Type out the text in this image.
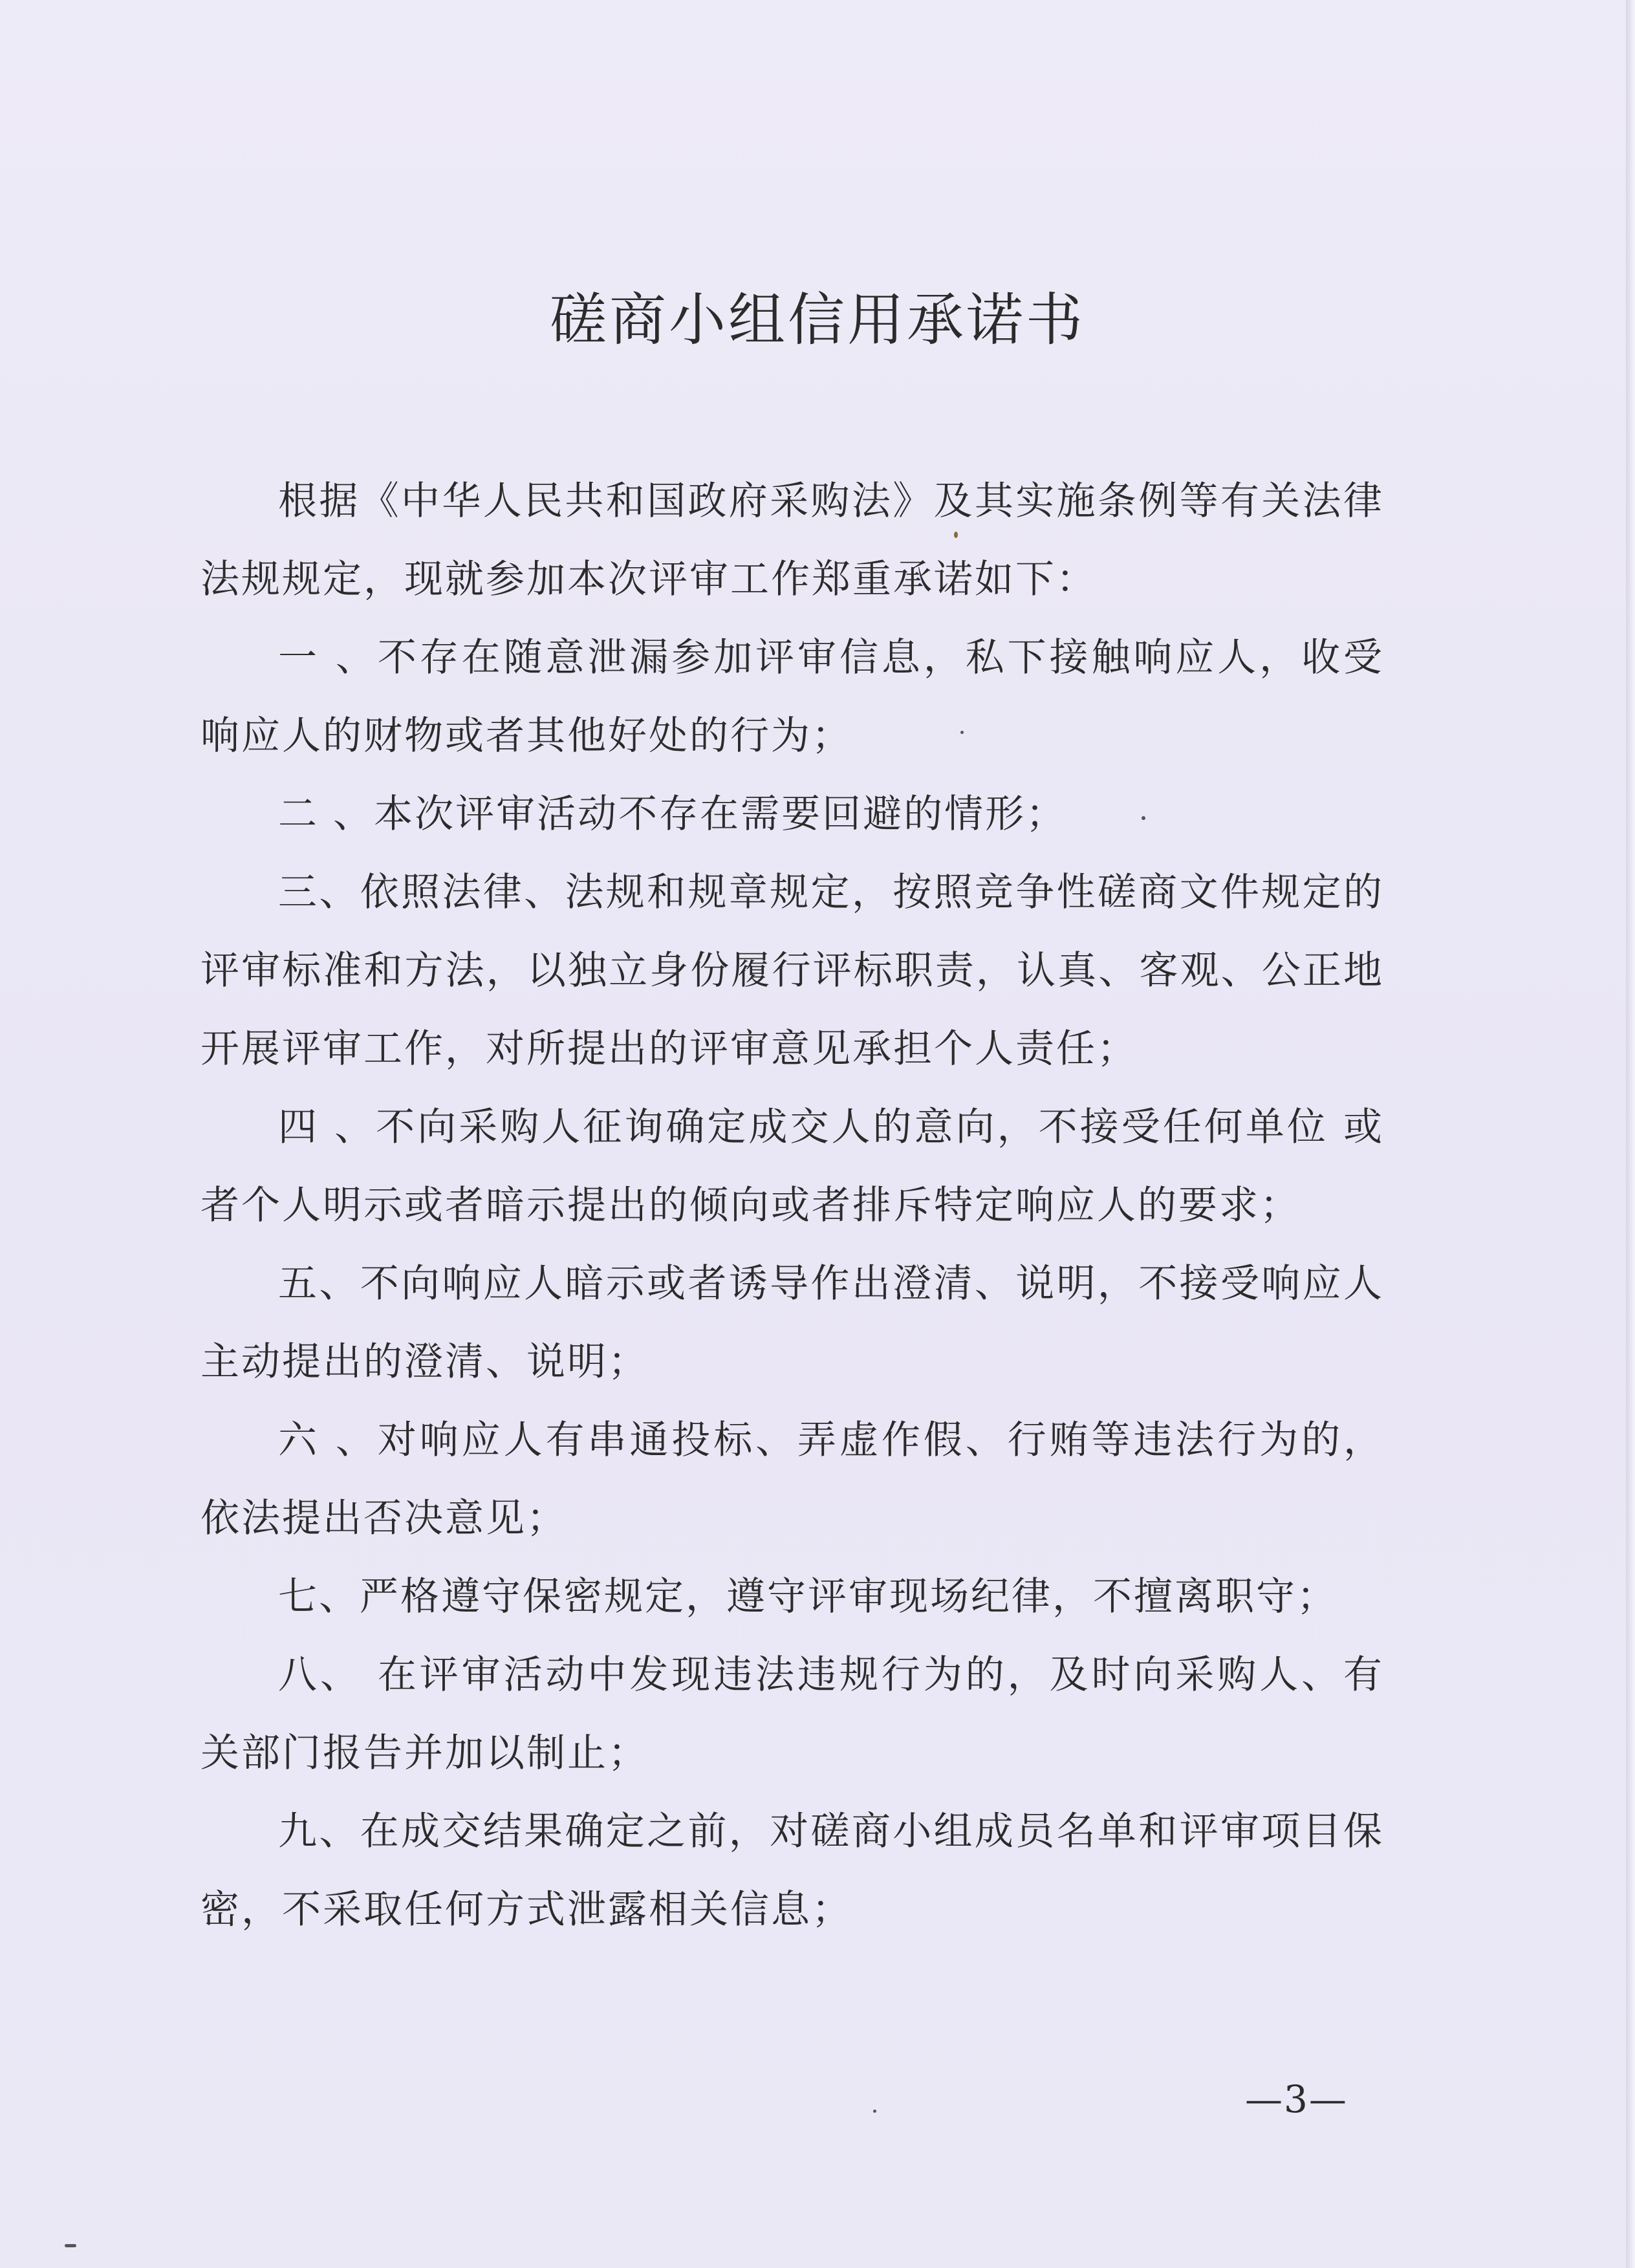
磋商小组信用承诺书

根据《中华人民共和国政府采购法》及其实施条例等有关法律法规规定，现就参加本次评审工作郑重承诺如下：

一 、不存在随意泄漏参加评审信息，私下接触响应人，收受响应人的财物或者其他好处的行为；

二 、本次评审活动不存在需要回避的情形；

三、依照法律、法规和规章规定，按照竞争性磋商文件规定的评审标准和方法，以独立身份履行评标职责，认真、客观、公正地开展评审工作，对所提出的评审意见承担个人责任；

四 、不向采购人征询确定成交人的意向，不接受任何单位 或者个人明示或者暗示提出的倾向或者排斥特定响应人的要求；

五、不向响应人暗示或者诱导作出澄清、说明，不接受响应人主动提出的澄清、说明；

六 、对响应人有串通投标、弄虚作假、行贿等违法行为的，依法提出否决意见；

七、严格遵守保密规定，遵守评审现场纪律，不擅离职守；

八、 在评审活动中发现违法违规行为的，及时向采购人、有关部门报告并加以制止；

九、在成交结果确定之前，对磋商小组成员名单和评审项目保密，不采取任何方式泄露相关信息；

—3—
